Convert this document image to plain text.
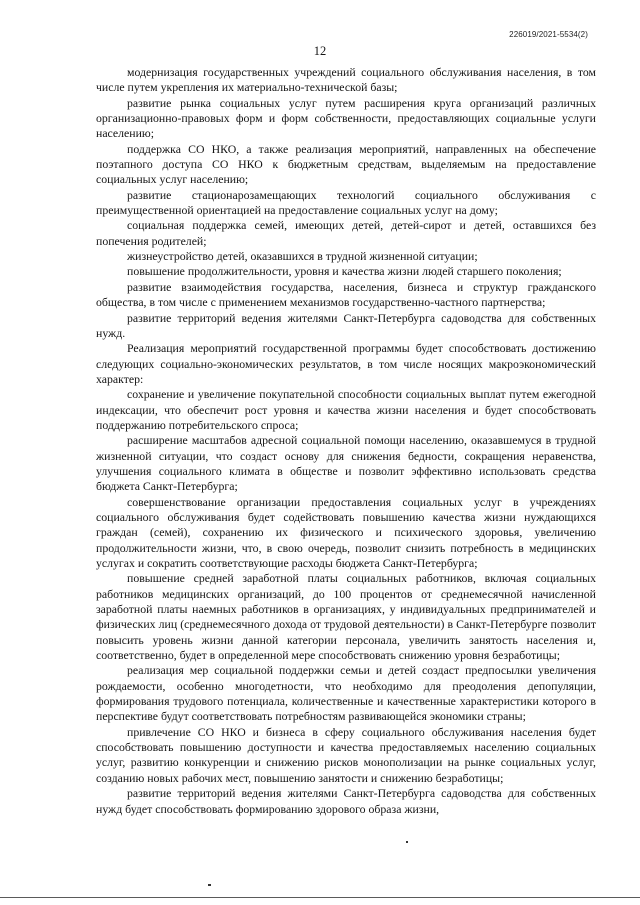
226019/2021-5534(2)
12

модернизация государственных учреждений социального обслуживания населения, в том числе путем укрепления их материально-технической базы;

развитие рынка социальных услуг путем расширения круга организаций различных организационно-правовых форм и форм собственности, предоставляющих социальные услуги населению;

поддержка СО НКО, а также реализация мероприятий, направленных на обеспечение поэтапного доступа СО НКО к бюджетным средствам, выделяемым на предоставление социальных услуг населению;

развитие стационарозамещающих технологий социального обслуживания с преимущественной ориентацией на предоставление социальных услуг на дому;

социальная поддержка семей, имеющих детей, детей-сирот и детей, оставшихся без попечения родителей;

жизнеустройство детей, оказавшихся в трудной жизненной ситуации;

повышение продолжительности, уровня и качества жизни людей старшего поколения;

развитие взаимодействия государства, населения, бизнеса и структур гражданского общества, в том числе с применением механизмов государственно-частного партнерства;

развитие территорий ведения жителями Санкт-Петербурга садоводства для собственных нужд.

Реализация мероприятий государственной программы будет способствовать достижению следующих социально-экономических результатов, в том числе носящих макроэкономический характер:

сохранение и увеличение покупательной способности социальных выплат путем ежегодной индексации, что обеспечит рост уровня и качества жизни населения и будет способствовать поддержанию потребительского спроса;

расширение масштабов адресной социальной помощи населению, оказавшемуся в трудной жизненной ситуации, что создаст основу для снижения бедности, сокращения неравенства, улучшения социального климата в обществе и позволит эффективно использовать средства бюджета Санкт-Петербурга;

совершенствование организации предоставления социальных услуг в учреждениях социального обслуживания будет содействовать повышению качества жизни нуждающихся граждан (семей), сохранению их физического и психического здоровья, увеличению продолжительности жизни, что, в свою очередь, позволит снизить потребность в медицинских услугах и сократить соответствующие расходы бюджета Санкт-Петербурга;

повышение средней заработной платы социальных работников, включая социальных работников медицинских организаций, до 100 процентов от среднемесячной начисленной заработной платы наемных работников в организациях, у индивидуальных предпринимателей и физических лиц (среднемесячного дохода от трудовой деятельности) в Санкт-Петербурге позволит повысить уровень жизни данной категории персонала, увеличить занятость населения и, соответственно, будет в определенной мере способствовать снижению уровня безработицы;

реализация мер социальной поддержки семьи и детей создаст предпосылки увеличения рождаемости, особенно многодетности, что необходимо для преодоления депопуляции, формирования трудового потенциала, количественные и качественные характеристики которого в перспективе будут соответствовать потребностям развивающейся экономики страны;

привлечение СО НКО и бизнеса в сферу социального обслуживания населения будет способствовать повышению доступности и качества предоставляемых населению социальных услуг, развитию конкуренции и снижению рисков монополизации на рынке социальных услуг, созданию новых рабочих мест, повышению занятости и снижению безработицы;

развитие территорий ведения жителями Санкт-Петербурга садоводства для собственных нужд будет способствовать формированию здорового образа жизни,
